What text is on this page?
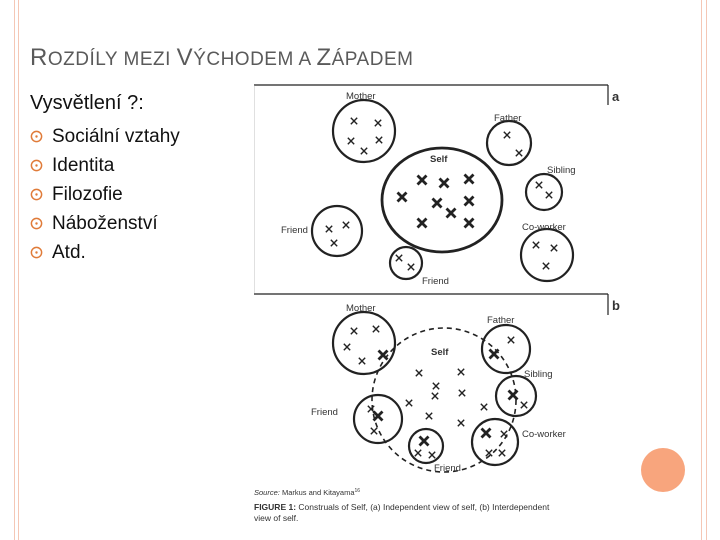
ROZDÍLY MEZI VÝCHODEM A ZÁPADEM
Vysvětlení ?:
Sociální vztahy
Identita
Filozofie
Náboženství
Atd.
a
Mother
Father
Self
Sibling
Friend	Co-worker
Friend
b
Self
Mother
Father
Sibling
Friend
Co-worker
Friend
Source: Markus and Kitayama$^{16}$
FIGURE 1: Constru​als of Self, (a) Independent view of self, (b) Interdependent
view of self.
